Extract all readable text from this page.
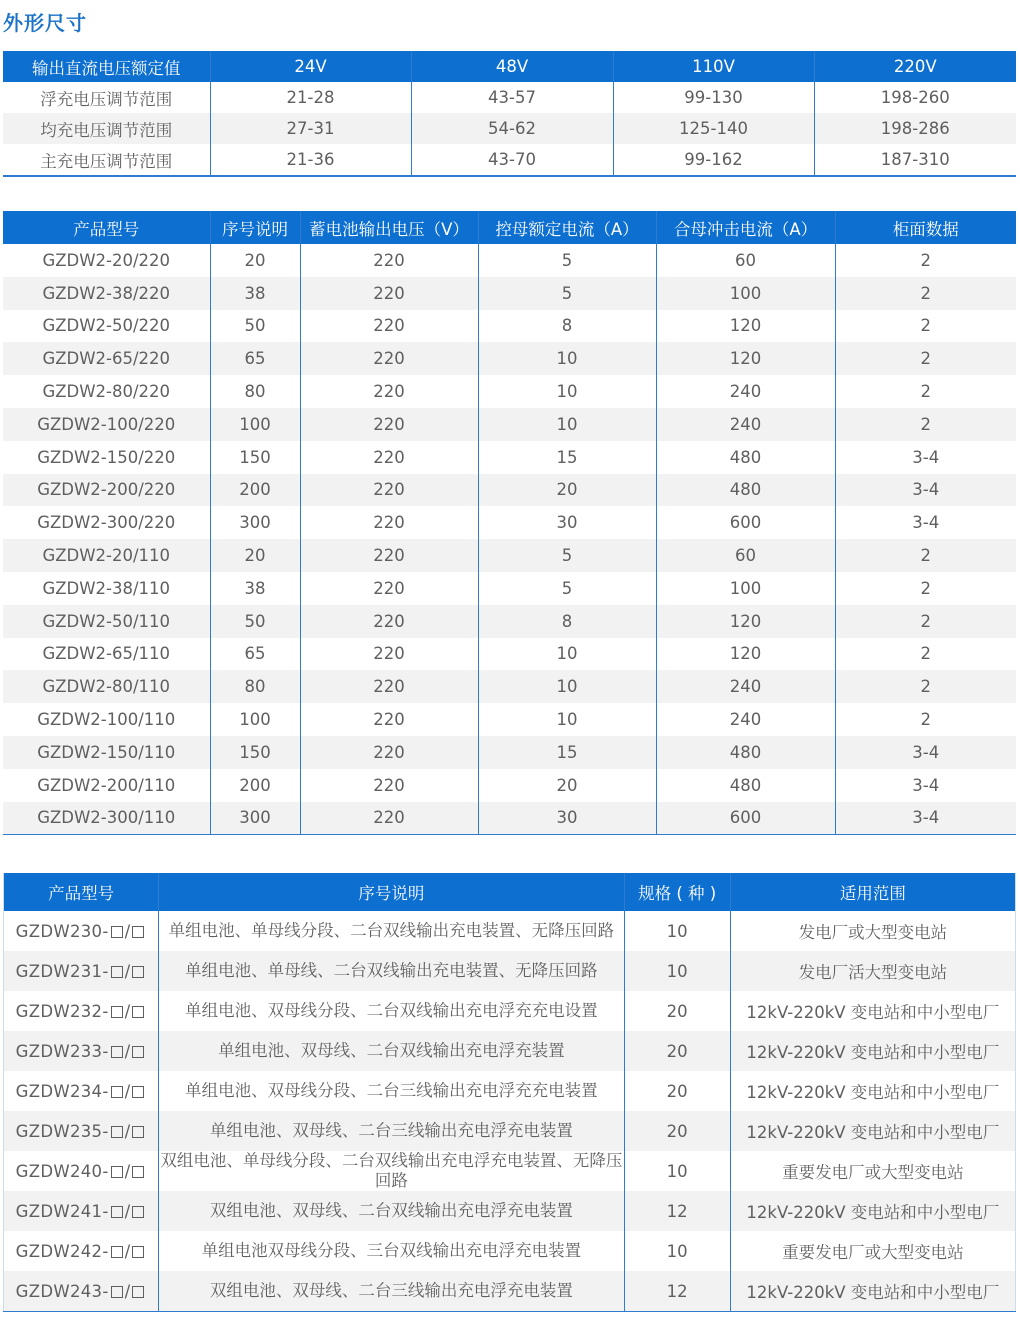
外形尺寸
输出直流电压额定值	24V	48V	110V	220V
浮充电压调节范围	21-28	43-57	99-130	198-260
均充电压调节范围	27-31	54-62	125-140	198-286
主充电压调节范围	21-36	43-70	99-162	187-310
产品型号	序号说明	蓄电池输出电压（V）	控母额定电流（A）	合母冲击电流（A）	柜面数据
GZDW2-20/220	20	220	5	60	2
GZDW2-38/220	38	220	5	100	2
GZDW2-50/220	50	220	8	120	2
GZDW2-65/220	65	220	10	120	2
GZDW2-80/220	80	220	10	240	2
GZDW2-100/220	100	220	10	240	2
GZDW2-150/220	150	220	15	480	3-4
GZDW2-200/220	200	220	20	480	3-4
GZDW2-300/220	300	220	30	600	3-4
GZDW2-20/110	20	220	5	60	2
GZDW2-38/110	38	220	5	100	2
GZDW2-50/110	50	220	8	120	2
GZDW2-65/110	65	220	10	120	2
GZDW2-80/110	80	220	10	240	2
GZDW2-100/110	100	220	10	240	2
GZDW2-150/110	150	220	15	480	3-4
GZDW2-200/110	200	220	20	480	3-4
GZDW2-300/110	300	220	30	600	3-4
产品型号	序号说明	规格 ( 种 )	适用范围
GZDW230- /	单组电池、单母线分段、二台双线输出充电装置、无降压回路	10	发电厂或大型变电站
GZDW231- /	单组电池、单母线、二台双线输出充电装置、无降压回路	10	发电厂活大型变电站
GZDW232- /	单组电池、双母线分段、二台双线输出充电浮充充电设置	20	12kV-220kV 变电站和中小型电厂
GZDW233- /	单组电池、双母线、二台双线输出充电浮充装置	20	12kV-220kV 变电站和中小型电厂
GZDW234- /	单组电池、双母线分段、二台三线输出充电浮充充电装置	20	12kV-220kV 变电站和中小型电厂
GZDW235- /	单组电池、双母线、二台三线输出充电浮充电装置	20	12kV-220kV 变电站和中小型电厂
GZDW240- /	双组电池、单母线分段、二台双线输出充电浮充电装置、无降压回路	10	重要发电厂或大型变电站
GZDW241- /	双组电池、双母线、二台双线输出充电浮充电装置	12	12kV-220kV 变电站和中小型电厂
GZDW242- /	单组电池双母线分段、三台双线输出充电浮充电装置	10	重要发电厂或大型变电站
GZDW243- /	双组电池、双母线、二台三线输出充电浮充电装置	12	12kV-220kV 变电站和中小型电厂
